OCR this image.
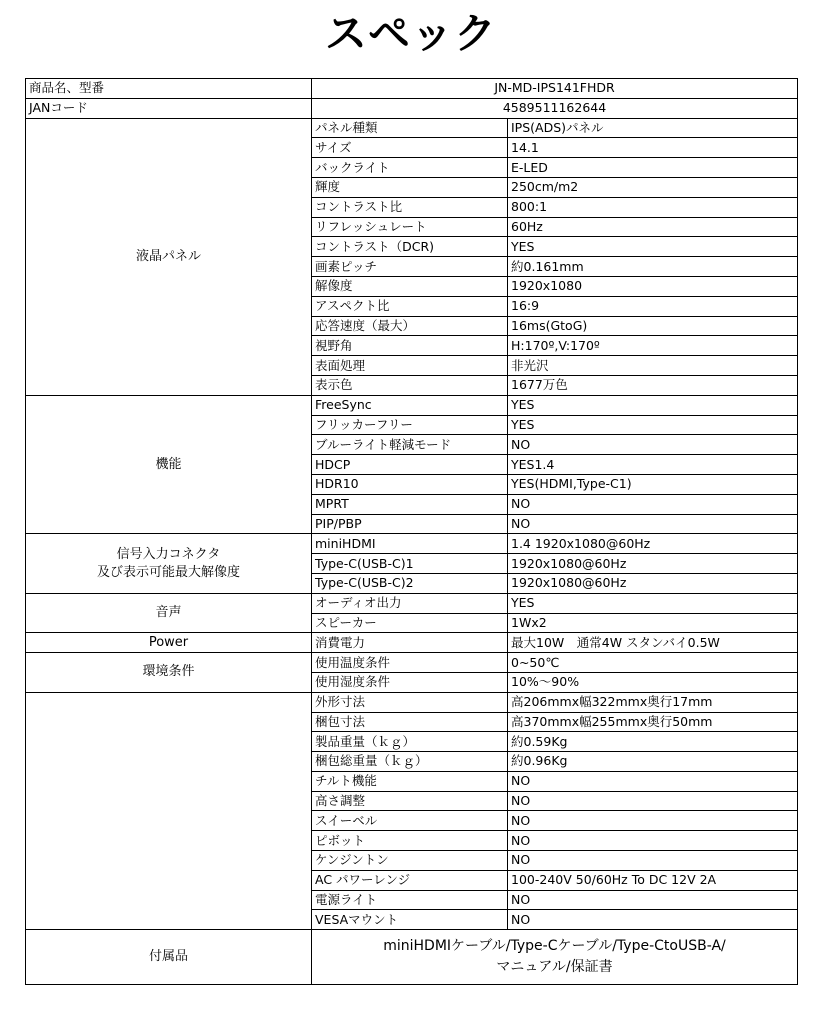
スペック
商品名、型番	JN-MD-IPS141FHDR	
JANコード	4589511162644	
液晶パネル	パネル種類	IPS(ADS)パネル
	サイズ	14.1
	バックライト	E-LED
	輝度	250cm/m2
	コントラスト比	800:1
	リフレッシュレート	60Hz
	コントラスト（DCR)	YES
	画素ピッチ	約0.161mm
	解像度	1920x1080
	アスペクト比	16:9
	応答速度（最大）	16ms(GtoG)
	視野角	H:170º,V:170º
	表面処理	非光沢
	表示色	1677万色
機能	FreeSync	YES
	フリッカーフリー	YES
	ブルーライト軽減モード	NO
	HDCP	YES1.4
	HDR10	YES(HDMI,Type-C1)
	MPRT	NO
	PIP/PBP	NO

信号入力コネクタ
及び表示可能最大解像度	miniHDMI	1.4 1920x1080@60Hz
	Type-C(USB-C)1	1920x1080@60Hz
	Type-C(USB-C)2	1920x1080@60Hz
音声	オーディオ出力	YES
	スピーカー	1Wx2
Power	消費電力	最大10W　通常4W スタンバイ0.5W
環境条件	使用温度条件	0~50℃
	使用湿度条件	10%～90%
	外形寸法	高206mmx幅322mmx奥行17mm
	梱包寸法	高370mmx幅255mmx奥行50mm
	製品重量（ｋｇ）	約0.59Kg
	梱包総重量（ｋｇ）	約0.96Kg
	チルト機能	NO
	高さ調整	NO
	スイーベル	NO
	ピボット	NO
	ケンジントン	NO
	AC パワーレンジ	100-240V 50/60Hz To DC 12V 2A
	電源ライト	NO
	VESAマウント	NO
付属品	miniHDMIケーブル/Type-Cケーブル/Type-CtoUSB-A/
マニュアル/保証書	
